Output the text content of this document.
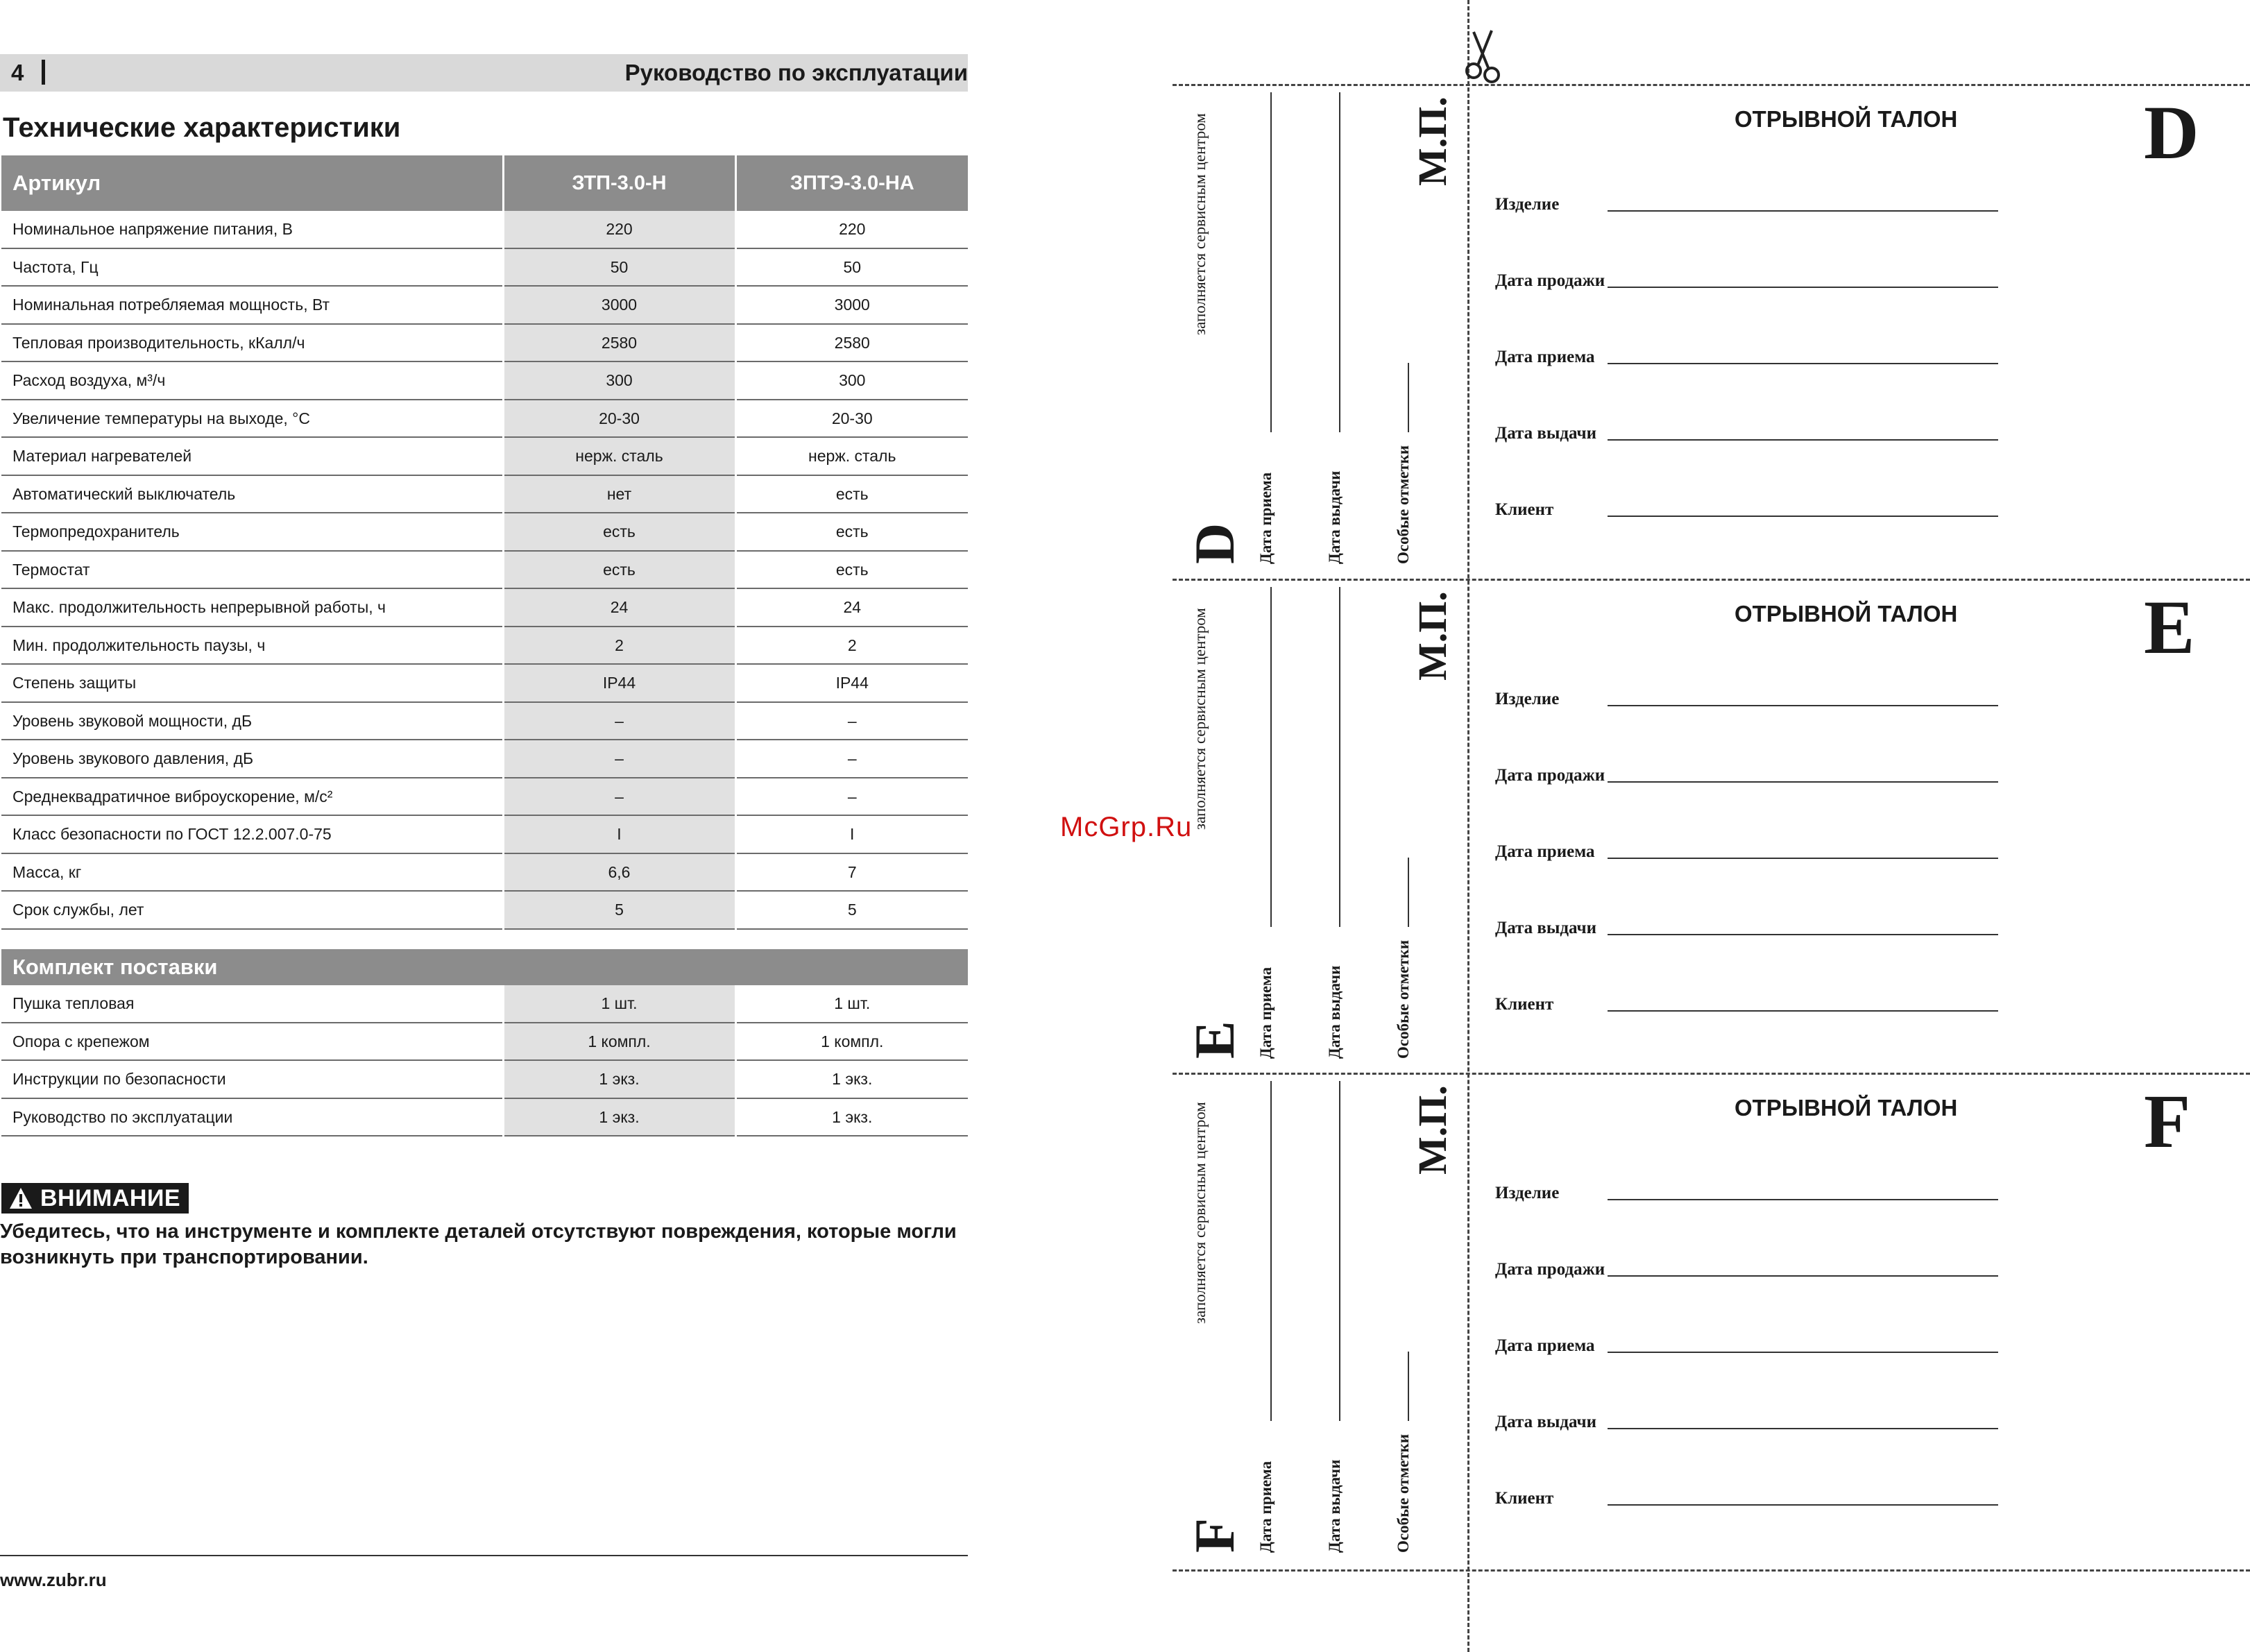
4	Руководство по эксплуатации
Технические характеристики
Артикул	ЗТП-3.0-Н	ЗПТЭ-3.0-НА
Номинальное напряжение питания, В	220	220
Частота, Гц	50	50
Номинальная потребляемая мощность, Вт	3000	3000
Тепловая производительность, кКалл/ч	2580	2580
Расход воздуха, м³/ч	300	300
Увеличение температуры на выходе, °С	20-30	20-30
Материал нагревателей	нерж. сталь	нерж. сталь
Автоматический выключатель	нет	есть
Термопредохранитель	есть	есть
Термостат	есть	есть
Макс. продолжительность непрерывной работы, ч	24	24
Мин. продолжительность паузы, ч	2	2
Степень защиты	IP44	IP44
Уровень звуковой мощности, дБ	–	–
Уровень звукового давления, дБ	–	–
Среднеквадратичное виброускорение, м/с²	–	–
Класс безопасности по ГОСТ 12.2.007.0-75	I	I
Масса, кг	6,6	7
Срок службы, лет	5	5
Комплект поставки		
Пушка тепловая	1 шт.	1 шт.
Опора с крепежом	1 компл.	1 компл.
Инструкции по безопасности	1 экз.	1 экз.
Руководство по эксплуатации	1 экз.	1 экз.
ВНИМАНИЕ
Убедитесь, что на инструменте и комплекте деталей отсутствуют повреждения, которые могли возникнуть при транспортировании.
www.zubr.ru
McGrp.Ru
ОТРЫВНОЙ ТАЛОН D
Изделие
Дата продажи
Дата приема
Дата выдачи
Клиент
D
заполняется сервисным центром
Дата приема	Дата выдачи	Особые отметки
М.П.
ОТРЫВНОЙ ТАЛОН E
Изделие
Дата продажи
Дата приема
Дата выдачи
Клиент
E
заполняется сервисным центром
Дата приема	Дата выдачи	Особые отметки
М.П.
ОТРЫВНОЙ ТАЛОН F
Изделие
Дата продажи
Дата приема
Дата выдачи
Клиент
F
заполняется сервисным центром
Дата приема	Дата выдачи	Особые отметки
М.П.
